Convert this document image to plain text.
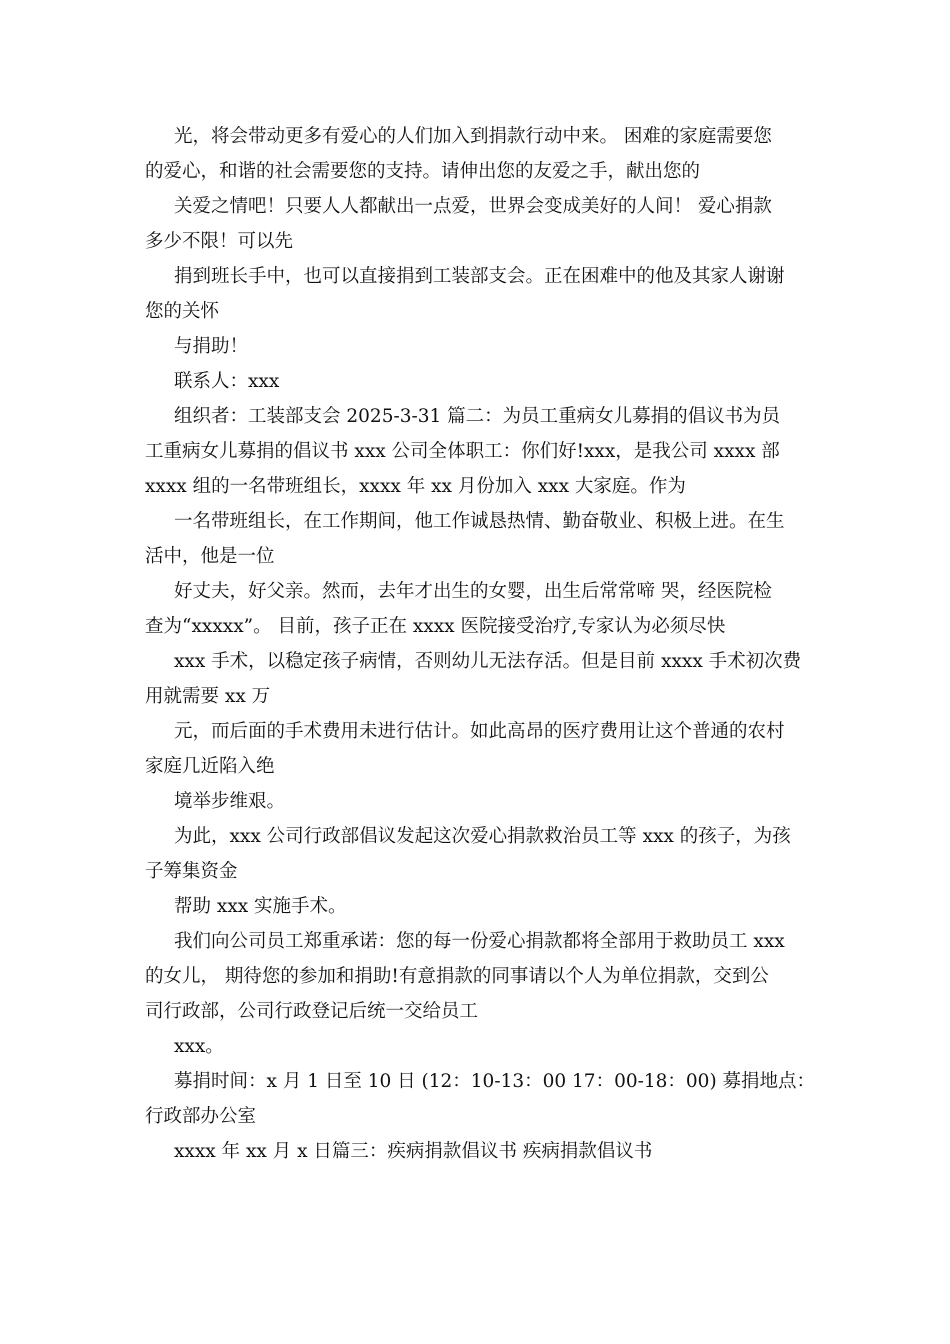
光，将会带动更多有爱心的人们加入到捐款行动中来。 困难的家庭需要您
的爱心，和谐的社会需要您的支持。请伸出您的友爱之手，献出您的
关爱之情吧！只要人人都献出一点爱，世界会变成美好的人间！ 爱心捐款
多少不限！可以先
捐到班长手中，也可以直接捐到工装部支会。正在困难中的他及其家人谢谢
您的关怀
与捐助！
联系人：xxx
组织者：工装部支会 2025-3-31 篇二：为员工重病女儿募捐的倡议书为员
工重病女儿募捐的倡议书 xxx 公司全体职工：你们好!xxx，是我公司 xxxx 部
xxxx 组的一名带班组长，xxxx 年 xx 月份加入 xxx 大家庭。作为
一名带班组长，在工作期间，他工作诚恳热情、勤奋敬业、积极上进。在生
活中，他是一位
好丈夫，好父亲。然而，去年才出生的女婴，出生后常常啼 哭，经医院检
查为“xxxxx”。 目前，孩子正在 xxxx 医院接受治疗,专家认为必须尽快
xxx 手术，以稳定孩子病情，否则幼儿无法存活。但是目前 xxxx 手术初次费
用就需要 xx 万
元，而后面的手术费用未进行估计。如此高昂的医疗费用让这个普通的农村
家庭几近陷入绝
境举步维艰。
为此，xxx 公司行政部倡议发起这次爱心捐款救治员工等 xxx 的孩子，为孩
子筹集资金
帮助 xxx 实施手术。
我们向公司员工郑重承诺：您的每一份爱心捐款都将全部用于救助员工 xxx
的女儿， 期待您的参加和捐助!有意捐款的同事请以个人为单位捐款，交到公
司行政部，公司行政登记后统一交给员工
xxx。
募捐时间：x 月 1 日至 10 日 (12：10-13：00 17：00-18：00) 募捐地点：
行政部办公室
xxxx 年 xx 月 x 日篇三：疾病捐款倡议书 疾病捐款倡议书
